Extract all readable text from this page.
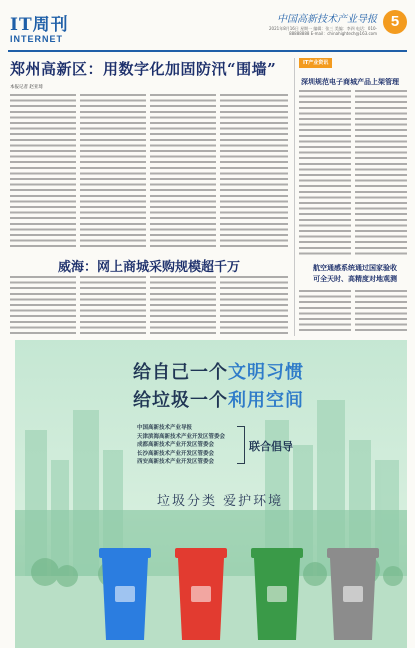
IT周刊
INTERNET
中国高新技术产业导报
2021年8月16日 星期一 编辑：张三 美编：李四 电话：010-88888888 E-mail：chinahightech@163.com
5
郑州高新区：用数字化加固防汛“围墙”
本报记者 赵亚琦
威海：网上商城采购规模超千万
IT产业资讯
深圳规范电子商城产品上架管理
航空通感系统通过国家验收
可全天时、高精度对地观测
给自己一个文明习惯
给垃圾一个利用空间
中国高新技术产业导报
天津滨海高新技术产业开发区管委会
成都高新技术产业开发区管委会
长沙高新技术产业开发区管委会
西安高新技术产业开发区管委会
联合倡导
垃圾分类 爱护环境
